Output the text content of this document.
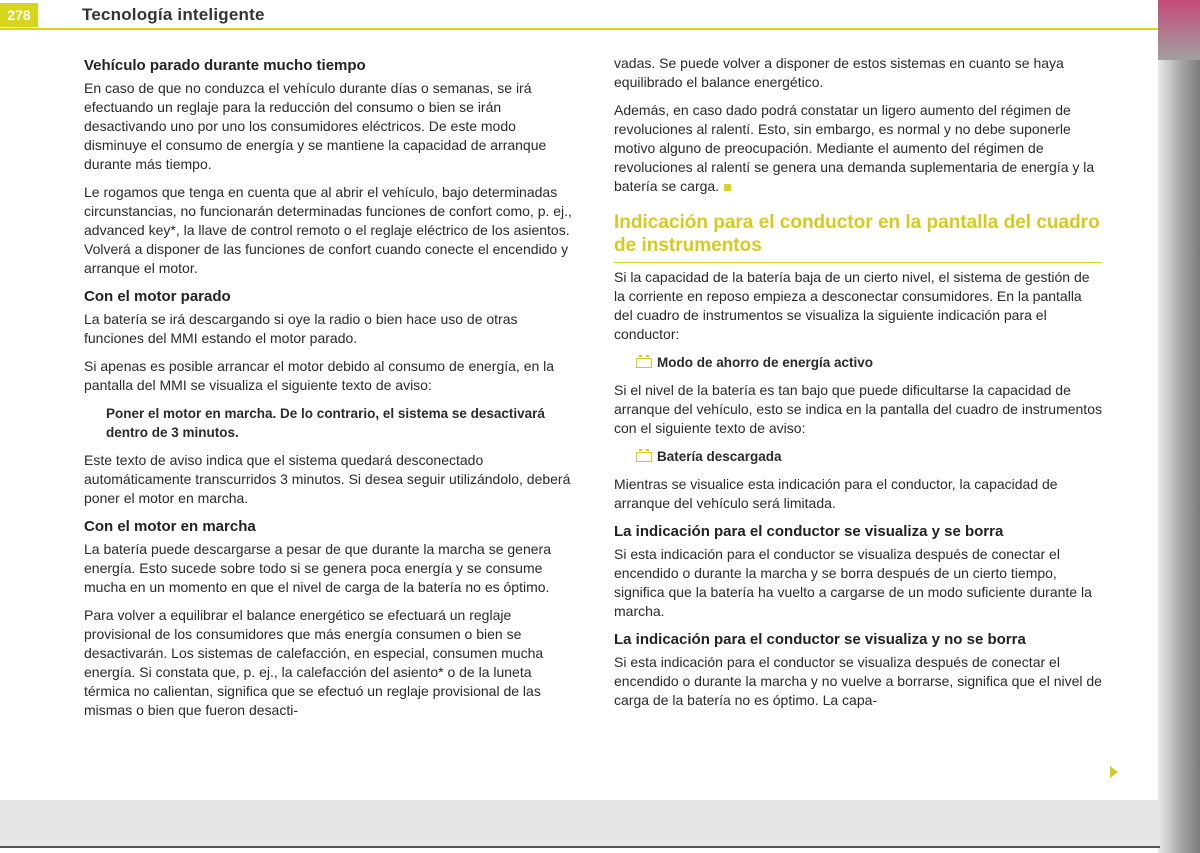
278	Tecnología inteligente
Vehículo parado durante mucho tiempo

En caso de que no conduzca el vehículo durante días o semanas, se irá efectuando un reglaje para la reducción del consumo o bien se irán desactivando uno por uno los consumidores eléctricos. De este modo disminuye el consumo de energía y se mantiene la capacidad de arranque durante más tiempo.

Le rogamos que tenga en cuenta que al abrir el vehículo, bajo determinadas circunstancias, no funcionarán determinadas funciones de confort como, p. ej., advanced key*, la llave de control remoto o el reglaje eléctrico de los asientos. Volverá a disponer de las funciones de confort cuando conecte el encendido y arranque el motor.

Con el motor parado

La batería se irá descargando si oye la radio o bien hace uso de otras funciones del MMI estando el motor parado.

Si apenas es posible arrancar el motor debido al consumo de energía, en la pantalla del MMI se visualiza el siguiente texto de aviso:

Poner el motor en marcha. De lo contrario, el sistema se desactivará dentro de 3 minutos.

Este texto de aviso indica que el sistema quedará desconectado automáticamente transcurridos 3 minutos. Si desea seguir utilizándolo, deberá poner el motor en marcha.

Con el motor en marcha

La batería puede descargarse a pesar de que durante la marcha se genera energía. Esto sucede sobre todo si se genera poca energía y se consume mucha en un momento en que el nivel de carga de la batería no es óptimo.

Para volver a equilibrar el balance energético se efectuará un reglaje provisional de los consumidores que más energía consumen o bien se desactivarán. Los sistemas de calefacción, en especial, consumen mucha energía. Si constata que, p. ej., la calefacción del asiento* o de la luneta térmica no calientan, significa que se efectuó un reglaje provisional de las mismas o bien que fueron desacti-

vadas. Se puede volver a disponer de estos sistemas en cuanto se haya equilibrado el balance energético.

Además, en caso dado podrá constatar un ligero aumento del régimen de revoluciones al ralentí. Esto, sin embargo, es normal y no debe suponerle motivo alguno de preocupación. Mediante el aumento del régimen de revoluciones al ralentí se genera una demanda suplementaria de energía y la batería se carga.

Indicación para el conductor en la pantalla del cuadro de instrumentos

Si la capacidad de la batería baja de un cierto nivel, el sistema de gestión de la corriente en reposo empieza a desconectar consumidores. En la pantalla del cuadro de instrumentos se visualiza la siguiente indicación para el conductor:

Modo de ahorro de energía activo

Si el nivel de la batería es tan bajo que puede dificultarse la capacidad de arranque del vehículo, esto se indica en la pantalla del cuadro de instrumentos con el siguiente texto de aviso:

Batería descargada

Mientras se visualice esta indicación para el conductor, la capacidad de arranque del vehículo será limitada.

La indicación para el conductor se visualiza y se borra

Si esta indicación para el conductor se visualiza después de conectar el encendido o durante la marcha y se borra después de un cierto tiempo, significa que la batería ha vuelto a cargarse de un modo suficiente durante la marcha.

La indicación para el conductor se visualiza y no se borra

Si esta indicación para el conductor se visualiza después de conectar el encendido o durante la marcha y no vuelve a borrarse, significa que el nivel de carga de la batería no es óptimo. La capa-
